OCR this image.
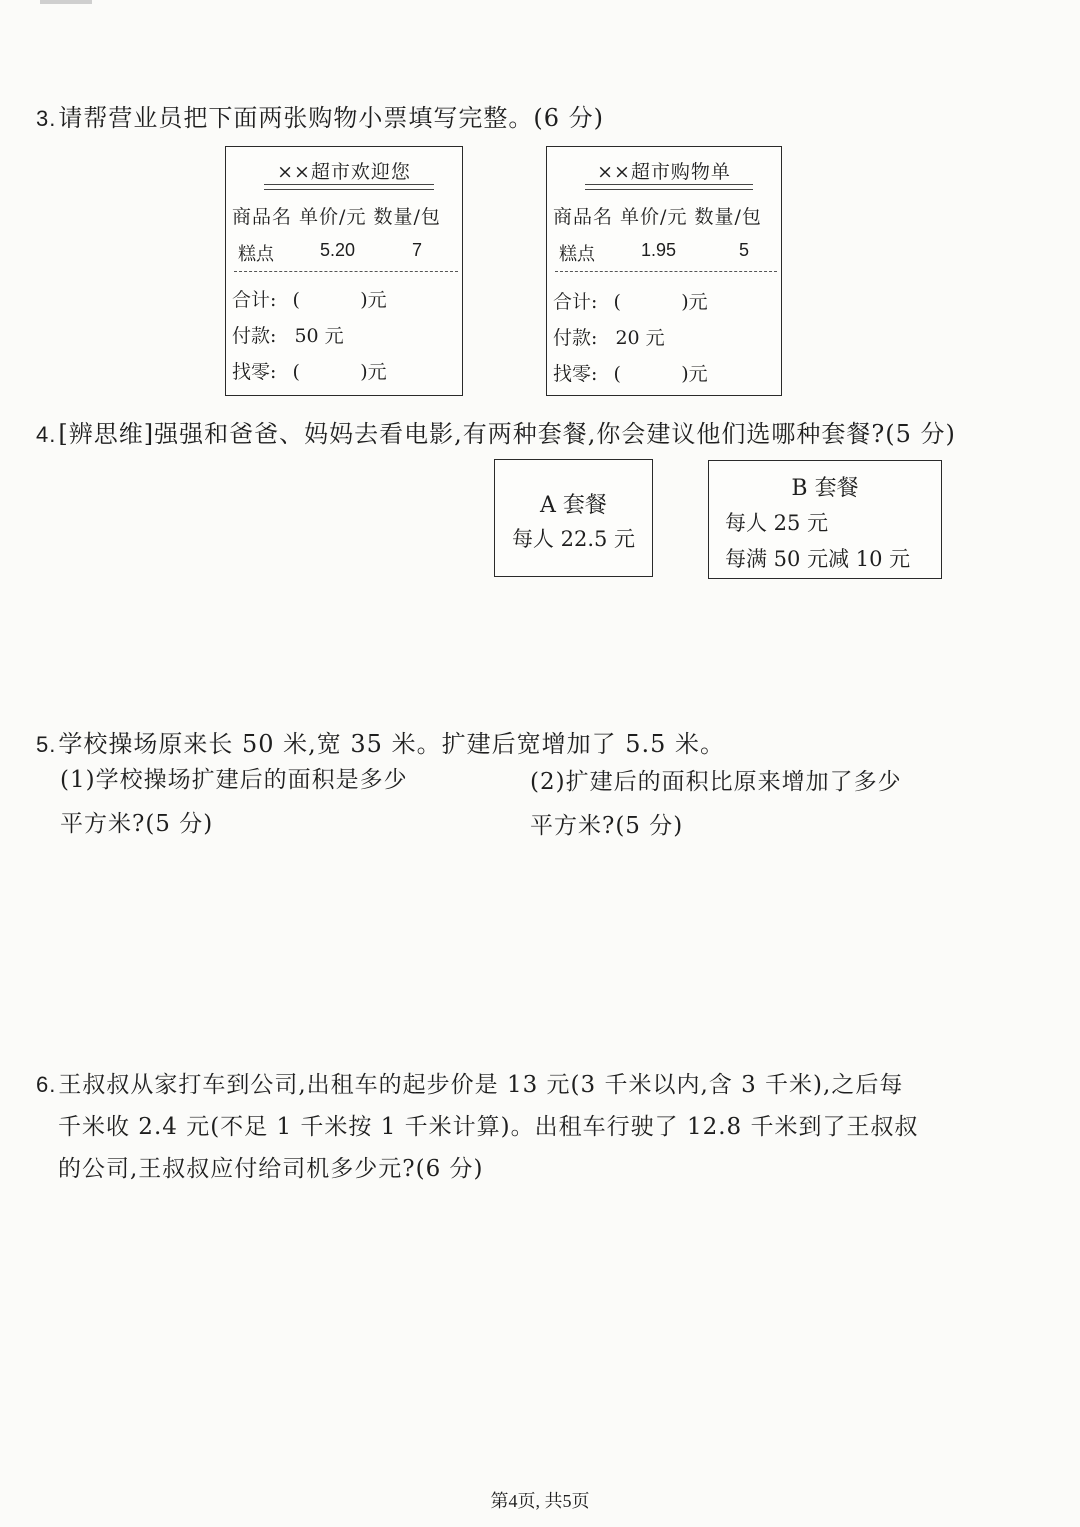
3.请帮营业员把下面两张购物小票填写完整。(6 分)
××超市欢迎您
商品名 单价/元 数量/包
糕点	5.20	7
合计: (          )元
付款: 50 元
找零: (          )元
××超市购物单
商品名 单价/元 数量/包
糕点	1.95	5
合计: (          )元
付款: 20 元
找零: (          )元
4.[辨思维]强强和爸爸、妈妈去看电影,有两种套餐,你会建议他们选哪种套餐?(5 分)
A 套餐
每人 22.5 元
B 套餐
每人 25 元
每满 50 元减 10 元
5.学校操场原来长 50 米,宽 35 米。扩建后宽增加了 5.5 米。
(1)学校操场扩建后的面积是多少
平方米?(5 分)
(2)扩建后的面积比原来增加了多少
平方米?(5 分)
6.王叔叔从家打车到公司,出租车的起步价是 13 元(3 千米以内,含 3 千米),之后每
千米收 2.4 元(不足 1 千米按 1 千米计算)。出租车行驶了 12.8 千米到了王叔叔
的公司,王叔叔应付给司机多少元?(6 分)
第4页, 共5页
